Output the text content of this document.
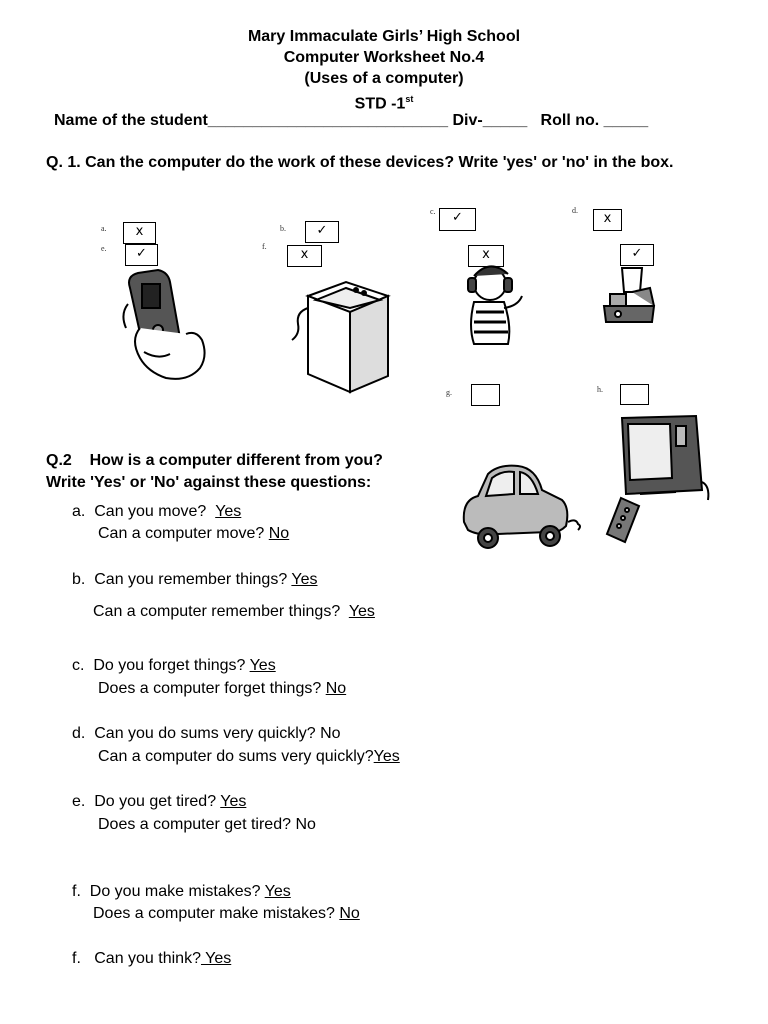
Mary Immaculate Girls’ High School
Computer Worksheet No.4
(Uses of a computer)
STD -1st
Name of the student___________________________ Div-_____   Roll no. _____
Q. 1. Can the computer do the work of these devices? Write 'yes' or 'no' in the box.
a.
e.
b.
f.
c.	d.
g.	h.
x
✓
✓
x
✓
x
x
✓
Q.2    How is a computer different from you?
Write 'Yes' or 'No' against these questions:
a. Can you move?  Yes
Can a computer move? No
b. Can you remember things? Yes
Can a computer remember things?  Yes
c. Do you forget things? Yes
Does a computer forget things? No
d. Can you do sums very quickly? No
Can a computer do sums very quickly?Yes
e. Do you get tired? Yes
Does a computer get tired? No
f. Do you make mistakes? Yes
Does a computer make mistakes? No
f. Can you think? Yes
